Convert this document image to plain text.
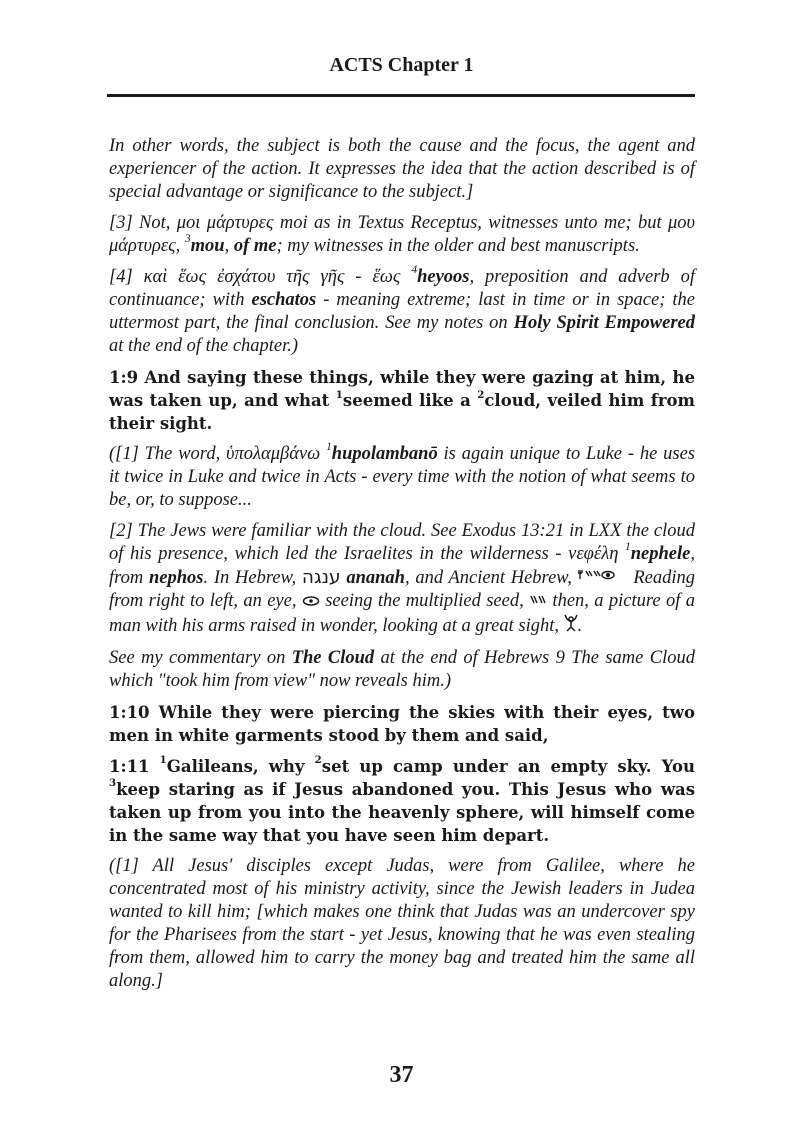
ACTS Chapter 1

In other words, the subject is both the cause and the focus, the agent and experiencer of the action. It expresses the idea that the action described is of special advantage or significance to the subject.]

[3] Not, μοι μάρτυρες moi as in Textus Receptus, witnesses unto me; but μου μάρτυρες, $^3$mou, of me; my witnesses in the older and best manuscripts.

[4] καὶ ἕως ἐσχάτου τῆς γῆς - ἕως $^4$heyoos, preposition and adverb of continuance; with eschatos - meaning extreme; last in time or in space; the uttermost part, the final conclusion. See my notes on Holy Spirit Empowered at the end of the chapter.)

1:9 And saying these things, while they were gazing at him, he was taken up, and what $^1$seemed like a $^2$cloud, veiled him from their sight.

([1] The word, ὑπολαμβάνω $^1$hupolambanō is again unique to Luke - he uses it twice in Luke and twice in Acts - every time with the notion of what seems to be, or, to suppose...

[2] The Jews were familiar with the cloud. See Exodus 13:21 in LXX the cloud of his presence, which led the Israelites in the wilderness - νεφέλη $^1$nephele, from nephos. In Hebrew, ענגה ananah, and Ancient Hebrew,	Reading from right to left, an eye,  seeing the multiplied seed,  then, a picture of a man with his arms raised in wonder, looking at a great sight, .

See my commentary on The Cloud at the end of Hebrews 9 The same Cloud which "took him from view" now reveals him.)

1:10 While they were piercing the skies with their eyes, two men in white garments stood by them and said,

1:11 $^1$Galileans, why $^2$set up camp under an empty sky. You $^3$keep staring as if Jesus abandoned you. This Jesus who was taken up from you into the heavenly sphere, will himself come in the same way that you have seen him depart.

([1] All Jesus' disciples except Judas, were from Galilee, where he concentrated most of his ministry activity, since the Jewish leaders in Judea wanted to kill him; [which makes one think that Judas was an undercover spy for the Pharisees from the start - yet Jesus, knowing that he was even stealing from them, allowed him to carry the money bag and treated him the same all along.]

37
